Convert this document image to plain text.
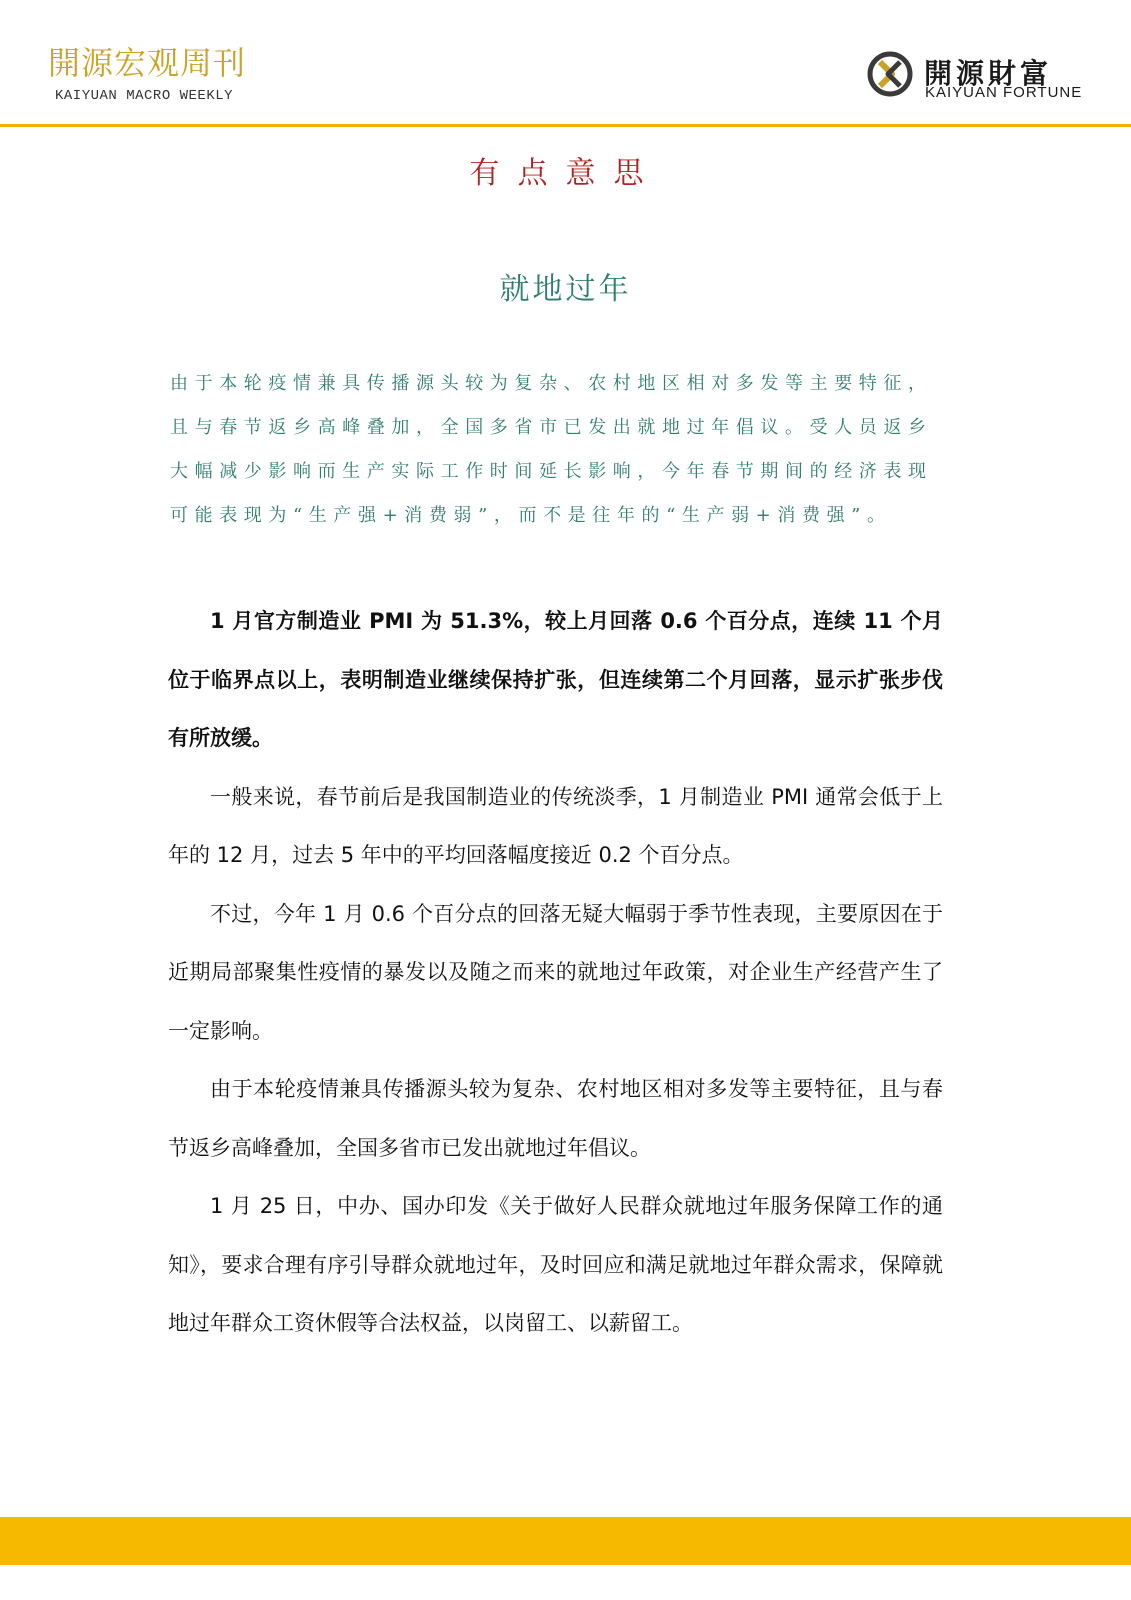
開源宏观周刊
KAIYUAN MACRO WEEKLY
開源財富
KAIYUAN FORTUNE
有点意思
就地过年
由于本轮疫情兼具传播源头较为复杂、农村地区相对多发等主要特征，且与春节返乡高峰叠加，全国多省市已发出就地过年倡议。受人员返乡大幅减少影响而生产实际工作时间延长影响，今年春节期间的经济表现可能表现为“生产强+消费弱”，而不是往年的“生产弱+消费强”。

1 月官方制造业 PMI 为 51.3%，较上月回落 0.6 个百分点，连续 11 个月位于临界点以上，表明制造业继续保持扩张，但连续第二个月回落，显示扩张步伐有所放缓。

一般来说，春节前后是我国制造业的传统淡季，1 月制造业 PMI 通常会低于上年的 12 月，过去 5 年中的平均回落幅度接近 0.2 个百分点。

不过，今年 1 月 0.6 个百分点的回落无疑大幅弱于季节性表现，主要原因在于近期局部聚集性疫情的暴发以及随之而来的就地过年政策，对企业生产经营产生了一定影响。

由于本轮疫情兼具传播源头较为复杂、农村地区相对多发等主要特征，且与春节返乡高峰叠加，全国多省市已发出就地过年倡议。

1 月 25 日，中办、国办印发《关于做好人民群众就地过年服务保障工作的通知》，要求合理有序引导群众就地过年，及时回应和满足就地过年群众需求，保障就地过年群众工资休假等合法权益，以岗留工、以薪留工。
